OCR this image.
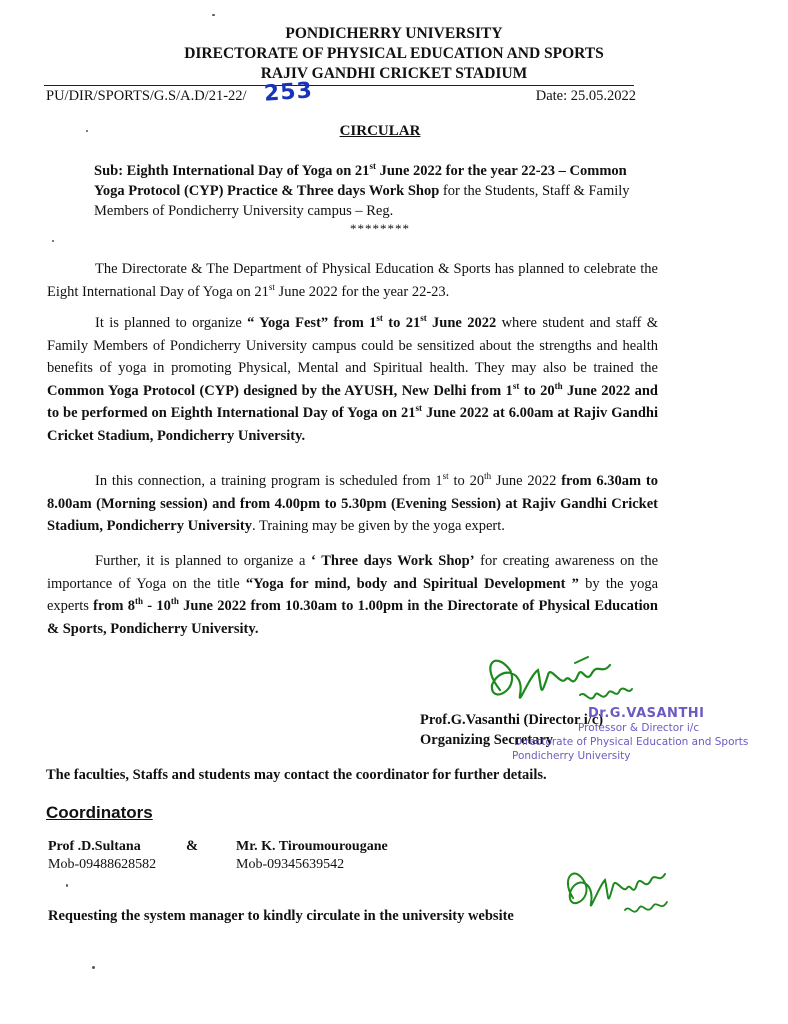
PONDICHERRY UNIVERSITY
DIRECTORATE OF PHYSICAL EDUCATION AND SPORTS
RAJIV GANDHI CRICKET STADIUM
PU/DIR/SPORTS/G.S/A.D/21-22/ 253	Date: 25.05.2022
CIRCULAR
Sub: Eighth International Day of Yoga on 21st June 2022 for the year 22-23 – Common Yoga Protocol (CYP) Practice & Three days Work Shop for the Students, Staff & Family Members of Pondicherry University campus – Reg.
********
The Directorate & The Department of Physical Education & Sports has planned to celebrate the Eight International Day of Yoga on 21st June 2022 for the year 22-23.
It is planned to organize “ Yoga Fest” from 1st to 21st June 2022 where student and staff & Family Members of Pondicherry University campus could be sensitized about the strengths and health benefits of yoga in promoting Physical, Mental and Spiritual health. They may also be trained the Common Yoga Protocol (CYP) designed by the AYUSH, New Delhi from 1st to 20th June 2022 and to be performed on Eighth International Day of Yoga on 21st June 2022 at 6.00am at Rajiv Gandhi Cricket Stadium, Pondicherry University.
In this connection, a training program is scheduled from 1st to 20th June 2022 from 6.30am to 8.00am (Morning session) and from 4.00pm to 5.30pm (Evening Session) at Rajiv Gandhi Cricket Stadium, Pondicherry University. Training may be given by the yoga expert.
Further, it is planned to organize a ‘ Three days Work Shop’ for creating awareness on the importance of Yoga on the title “Yoga for mind, body and Spiritual Development ” by the yoga experts from 8th - 10th June 2022 from 10.30am to 1.00pm in the Directorate of Physical Education & Sports, Pondicherry University.
Prof.G.Vasanthi (Director i/c)
Organizing Secretary
Dr.G.VASANTHI
Professor & Director i/c
Directorate of Physical Education and Sports
Pondicherry University
The faculties, Staffs and students may contact the coordinator for further details.
Coordinators
Prof .D.Sultana
Mob-09488628582
&	Mr. K. Tiroumourougane
Mob-09345639542
Requesting the system manager to kindly circulate in the university website
